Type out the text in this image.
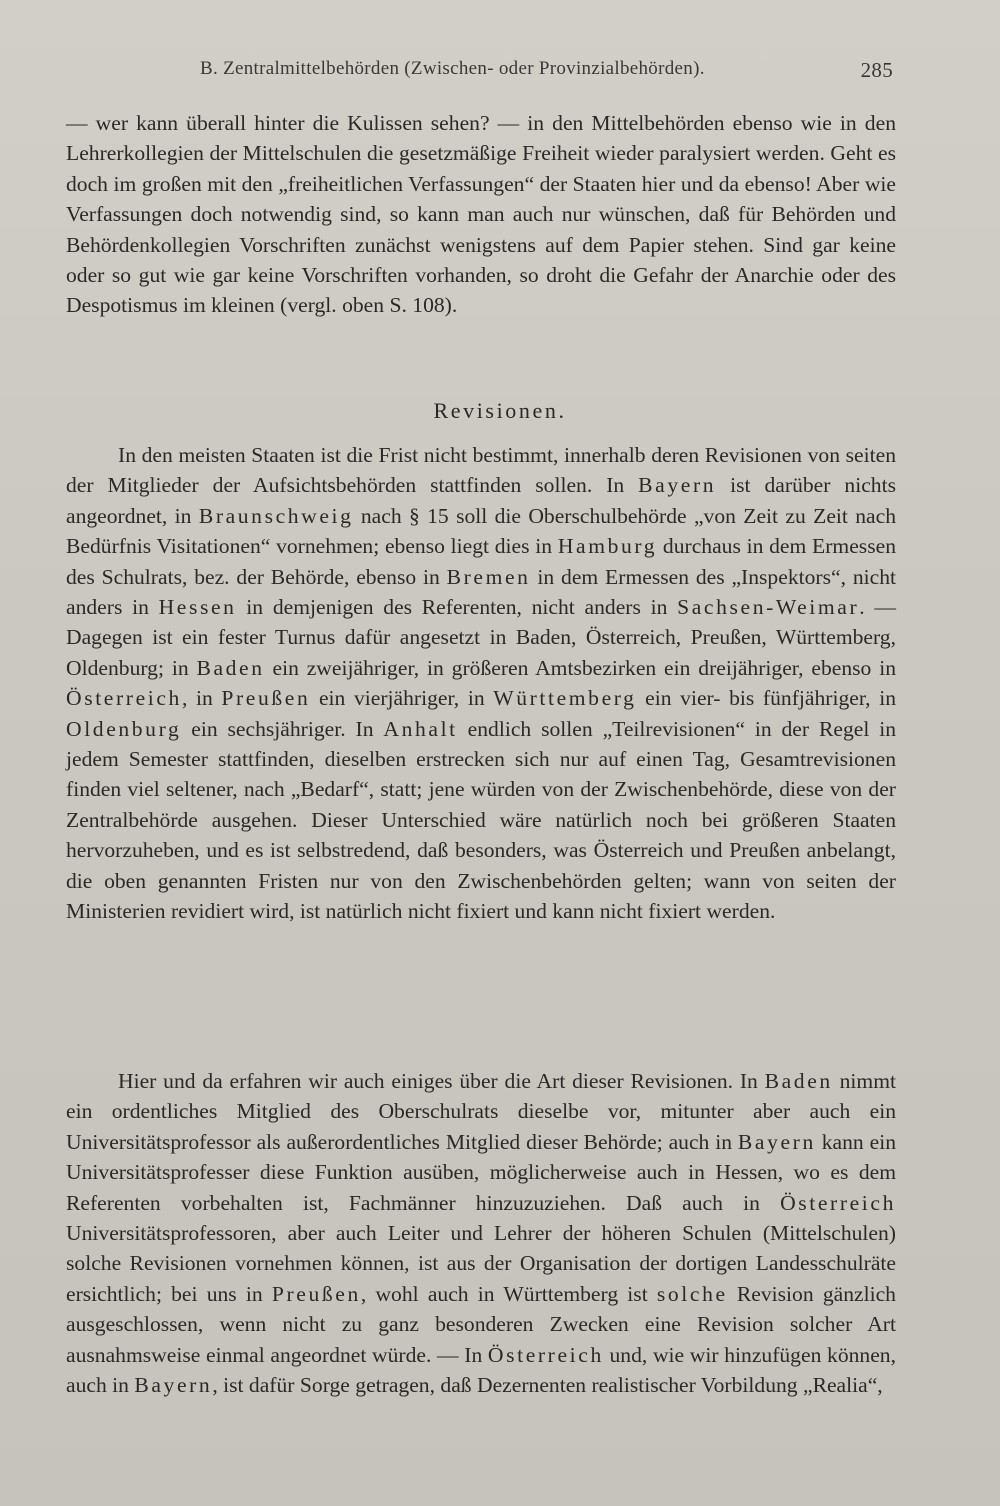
B. Zentralmittelbehörden (Zwischen- oder Provinzialbehörden).	285

— wer kann überall hinter die Kulissen sehen? — in den Mittelbehörden ebenso wie in den Lehrerkollegien der Mittelschulen die gesetzmäßige Freiheit wieder paralysiert werden. Geht es doch im großen mit den „freiheitlichen Verfassungen“ der Staaten hier und da ebenso! Aber wie Verfassungen doch notwendig sind, so kann man auch nur wünschen, daß für Behörden und Behördenkollegien Vorschriften zunächst wenigstens auf dem Papier stehen. Sind gar keine oder so gut wie gar keine Vorschriften vorhanden, so droht die Gefahr der Anarchie oder des Despotismus im kleinen (vergl. oben S. 108).

Revisionen.

In den meisten Staaten ist die Frist nicht bestimmt, innerhalb deren Revisionen von seiten der Mitglieder der Aufsichtsbehörden stattfinden sollen. In Bayern ist darüber nichts angeordnet, in Braunschweig nach § 15 soll die Oberschulbehörde „von Zeit zu Zeit nach Bedürfnis Visitationen“ vornehmen; ebenso liegt dies in Hamburg durchaus in dem Ermessen des Schulrats, bez. der Behörde, ebenso in Bremen in dem Ermessen des „Inspektors“, nicht anders in Hessen in demjenigen des Referenten, nicht anders in Sachsen-Weimar. — Dagegen ist ein fester Turnus dafür angesetzt in Baden, Österreich, Preußen, Württemberg, Oldenburg; in Baden ein zweijähriger, in größeren Amtsbezirken ein dreijähriger, ebenso in Österreich, in Preußen ein vierjähriger, in Württemberg ein vier- bis fünfjähriger, in Oldenburg ein sechsjähriger. In Anhalt endlich sollen „Teilrevisionen“ in der Regel in jedem Semester stattfinden, dieselben erstrecken sich nur auf einen Tag, Gesamtrevisionen finden viel seltener, nach „Bedarf“, statt; jene würden von der Zwischenbehörde, diese von der Zentralbehörde ausgehen. Dieser Unterschied wäre natürlich noch bei größeren Staaten hervorzuheben, und es ist selbstredend, daß besonders, was Österreich und Preußen anbelangt, die oben genannten Fristen nur von den Zwischenbehörden gelten; wann von seiten der Ministerien revidiert wird, ist natürlich nicht fixiert und kann nicht fixiert werden.

Hier und da erfahren wir auch einiges über die Art dieser Revisionen. In Baden nimmt ein ordentliches Mitglied des Oberschulrats dieselbe vor, mitunter aber auch ein Universitätsprofessor als außerordentliches Mitglied dieser Behörde; auch in Bayern kann ein Universitätsprofesser diese Funktion ausüben, möglicherweise auch in Hessen, wo es dem Referenten vorbehalten ist, Fachmänner hinzuzuziehen. Daß auch in Österreich Universitätsprofessoren, aber auch Leiter und Lehrer der höheren Schulen (Mittelschulen) solche Revisionen vornehmen können, ist aus der Organisation der dortigen Landesschulräte ersichtlich; bei uns in Preußen, wohl auch in Württemberg ist solche Revision gänzlich ausgeschlossen, wenn nicht zu ganz besonderen Zwecken eine Revision solcher Art ausnahmsweise einmal angeordnet würde. — In Österreich und, wie wir hinzufügen können, auch in Bayern, ist dafür Sorge getragen, daß Dezernenten realistischer Vorbildung „Realia“,
